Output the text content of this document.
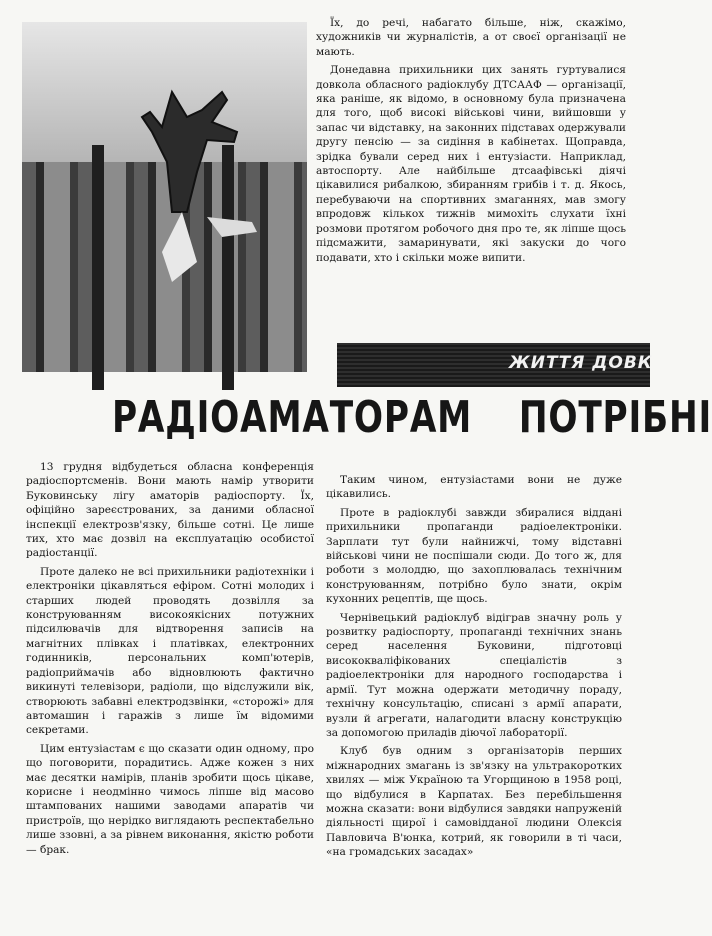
Їх, до речі, набагато більше, ніж, скажімо, художників чи журналістів, а от своєї організації не мають.

Донедавна прихильники цих занять гуртувалися довкола обласного радіоклубу ДТСААФ — організації, яка раніше, як відомо, в основному була призначена для того, щоб високі військові чини, вийшовши у запас чи відставку, на законних підставах одержували другу пенсію — за сидіння в кабінетах. Щоправда, зрідка бували серед них і ентузіасти. Наприклад, автоспорту. Але найбільше дтсаафівські діячі цікавилися рибалкою, збиранням грибів і т. д. Якось, перебуваючи на спортивних змаганнях, мав змогу впродовж кількох тижнів мимохіть слухати їхні розмови протягом робочого дня про те, як ліпше щось підсмажити, замаринувати, які закуски до чого подавати, хто і скільки може випити.

ЖИТТЯ ДОВК
РАДІОАМАТОРАМ ПОТРІБНІ

13 грудня відбудеться обласна конференція радіоспортсменів. Вони мають намір утворити Буковинську лігу аматорів радіоспорту. Їх, офіційно зареєстрованих, за даними обласної інспекції електрозв'язку, більше сотні. Це лише тих, хто має дозвіл на експлуатацію особистої радіостанції.

Проте далеко не всі прихильники радіотехніки і електроніки цікавляться ефіром. Сотні молодих і старших людей проводять дозвілля за конструюванням високоякісних потужних підсилювачів для відтворення записів на магнітних плівках і платівках, електронних годинників, персональних комп'ютерів, радіоприймачів або відновлюють фактично викинуті телевізори, радіоли, що відслужили вік, створюють забавні електродзвінки, «сторожі» для автомашин і гаражів з лише їм відомими секретами.

Цим ентузіастам є що сказати один одному, про що поговорити, порадитись. Адже кожен з них має десятки намірів, планів зробити щось цікаве, корисне і неодмінно чимось ліпше від масово штампованих нашими заводами апаратів чи пристроїв, що нерідко виглядають респектабельно лише ззовні, а за рівнем виконання, якістю роботи — брак.

Таким чином, ентузіастами вони не дуже цікавились.

Проте в радіоклубі завжди збиралися віддані прихильники пропаганди радіоелектроніки. Зарплати тут були найнижчі, тому відставні військові чини не поспішали сюди. До того ж, для роботи з молоддю, що захоплювалась технічним конструюванням, потрібно було знати, окрім кухонних рецептів, ще щось.

Чернівецький радіоклуб відіграв значну роль у розвитку радіоспорту, пропаганді технічних знань серед населення Буковини, підготовці висококваліфікованих спеціалістів з радіоелектроніки для народного господарства і армії. Тут можна одержати методичну пораду, технічну консультацію, списані з армії апарати, вузли й агрегати, налагодити власну конструкцію за допомогою приладів діючої лабораторії.

Клуб був одним з організаторів перших міжнародних змагань із зв'язку на ультракоротких хвилях — між Україною та Угорщиною в 1958 році, що відбулися в Карпатах. Без перебільшення можна сказати: вони відбулися завдяки напруженій діяльності щирої і самовідданої людини Олексія Павловича В'юнка, котрий, як говорили в ті часи, «на громадських засадах»
